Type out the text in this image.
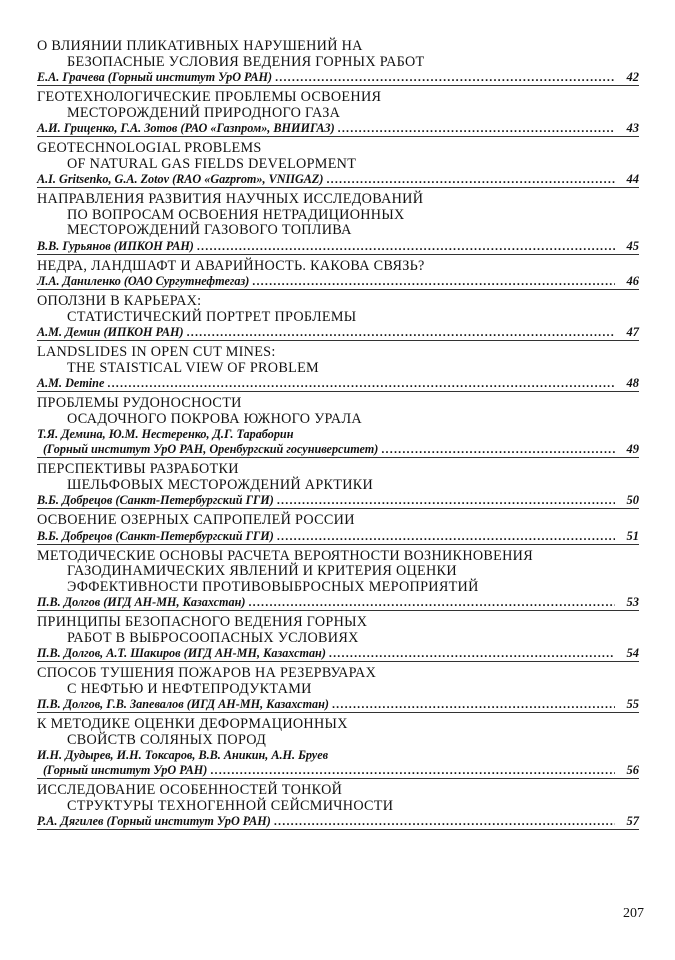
О ВЛИЯНИИ ПЛИКАТИВНЫХ НАРУШЕНИЙ НА
БЕЗОПАСНЫЕ УСЛОВИЯ ВЕДЕНИЯ ГОРНЫХ РАБОТ
Е.А. Грачева (Горный институт УрО РАН) .....	42
ГЕОТЕХНОЛОГИЧЕСКИЕ ПРОБЛЕМЫ ОСВОЕНИЯ
МЕСТОРОЖДЕНИЙ ПРИРОДНОГО ГАЗА
А.И. Гриценко, Г.А. Зотов (РАО «Газпром», ВНИИГАЗ) .....	43
GEOTECHNOLOGIAL PROBLEMS
OF NATURAL GAS FIELDS DEVELOPMENT
A.I. Gritsenko, G.A. Zotov (RAO «Gazprom», VNIIGAZ) .....	44
НАПРАВЛЕНИЯ РАЗВИТИЯ НАУЧНЫХ ИССЛЕДОВАНИЙ
ПО ВОПРОСАМ ОСВОЕНИЯ НЕТРАДИЦИОННЫХ
МЕСТОРОЖДЕНИЙ ГАЗОВОГО ТОПЛИВА
В.В. Гурьянов (ИПКОН РАН) .....	45
НЕДРА, ЛАНДШАФТ И АВАРИЙНОСТЬ. КАКОВА СВЯЗЬ?
Л.А. Даниленко (ОАО Сургутнефтегаз) .....	46
ОПОЛЗНИ В КАРЬЕРАХ:
СТАТИСТИЧЕСКИЙ ПОРТРЕТ ПРОБЛЕМЫ
А.М. Демин (ИПКОН РАН) .....	47
LANDSLIDES IN OPEN CUT MINES:
THE STAISTICAL VIEW OF PROBLEM
A.M. Demine .....	48
ПРОБЛЕМЫ РУДОНОСНОСТИ
ОСАДОЧНОГО ПОКРОВА ЮЖНОГО УРАЛА
Т.Я. Демина, Ю.М. Нестеренко, Д.Г. Тараборин
(Горный институт УрО РАН, Оренбургский госуниверситет) .....	49
ПЕРСПЕКТИВЫ РАЗРАБОТКИ
ШЕЛЬФОВЫХ МЕСТОРОЖДЕНИЙ АРКТИКИ
В.Б. Добрецов (Санкт-Петербургский ГГИ) .....	50
ОСВОЕНИЕ ОЗЕРНЫХ САПРОПЕЛЕЙ РОССИИ
В.Б. Добрецов (Санкт-Петербургский ГГИ) .....	51
МЕТОДИЧЕСКИЕ ОСНОВЫ РАСЧЕТА ВЕРОЯТНОСТИ ВОЗНИКНОВЕНИЯ
ГАЗОДИНАМИЧЕСКИХ ЯВЛЕНИЙ И КРИТЕРИЯ ОЦЕНКИ
ЭФФЕКТИВНОСТИ ПРОТИВОВЫБРОСНЫХ МЕРОПРИЯТИЙ
П.В. Долгов (ИГД АН-МН, Казахстан) .....	53
ПРИНЦИПЫ БЕЗОПАСНОГО ВЕДЕНИЯ ГОРНЫХ
РАБОТ В ВЫБРОСООПАСНЫХ УСЛОВИЯХ
П.В. Долгов, А.Т. Шакиров (ИГД АН-МН, Казахстан) .....	54
СПОСОБ ТУШЕНИЯ ПОЖАРОВ НА РЕЗЕРВУАРАХ
С НЕФТЬЮ И НЕФТЕПРОДУКТАМИ
П.В. Долгов, Г.В. Запевалов (ИГД АН-МН, Казахстан) .....	55
К МЕТОДИКЕ ОЦЕНКИ ДЕФОРМАЦИОННЫХ
СВОЙСТВ СОЛЯНЫХ ПОРОД
И.Н. Дудырев, И.Н. Токсаров, В.В. Аникин, А.Н. Бруев
(Горный институт УрО РАН) .....	56
ИССЛЕДОВАНИЕ ОСОБЕННОСТЕЙ ТОНКОЙ
СТРУКТУРЫ ТЕХНОГЕННОЙ СЕЙСМИЧНОСТИ
Р.А. Дягилев (Горный институт УрО РАН) .....	57
207
